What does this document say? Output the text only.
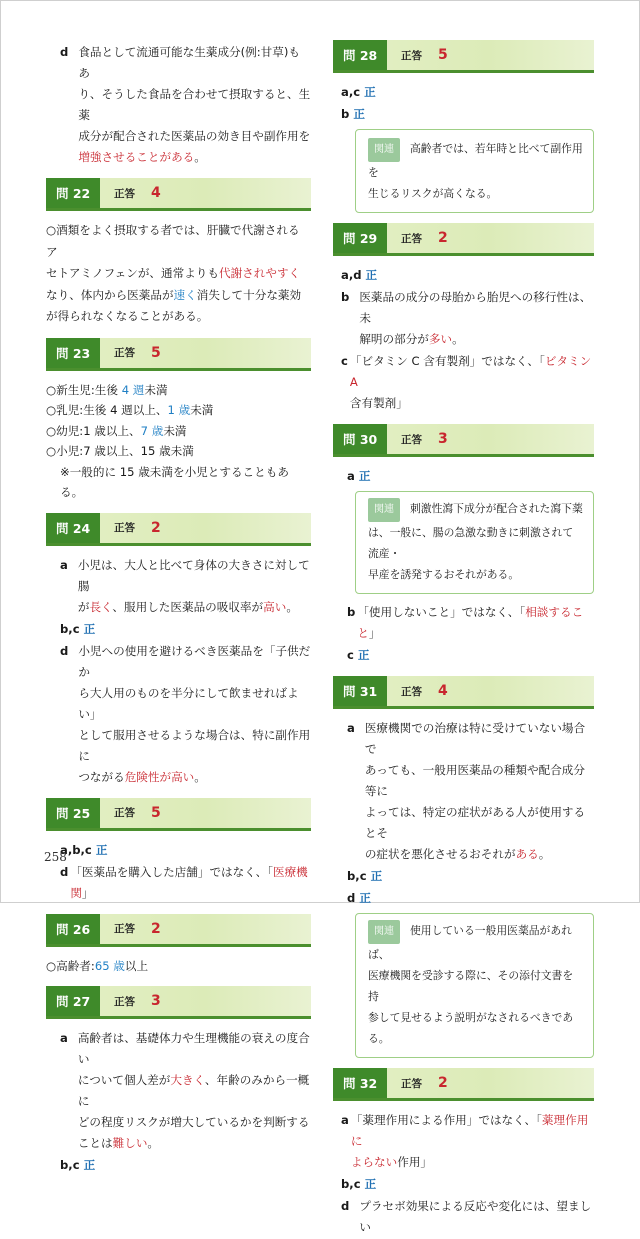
d 食品として流通可能な生薬成分(例:甘草)もあ
り、そうした食品を合わせて摂取すると、生薬
成分が配合された医薬品の効き目や副作用を
増強させることがある。
問 22	正答 4
○酒類をよく摂取する者では、肝臓で代謝されるア
セトアミノフェンが、通常よりも代謝されやすく
なり、体内から医薬品が速く消失して十分な薬効
が得られなくなることがある。
問 23	正答 5
○新生児:生後 4 週未満
○乳児:生後 4 週以上、1 歳未満
○幼児:1 歳以上、7 歳未満
○小児:7 歳以上、15 歳未満
※一般的に 15 歳未満を小児とすることもある。
問 24	正答 2
a 小児は、大人と比べて身体の大きさに対して腸
が長く、服用した医薬品の吸収率が高い。
b,c 正
d 小児への使用を避けるべき医薬品を「子供だか
ら大人用のものを半分にして飲ませればよい」
として服用させるような場合は、特に副作用に
つながる危険性が高い。
問 25	正答 5
a,b,c 正
d 「医薬品を購入した店舗」ではなく、「医療機関」
問 26	正答 2
○高齢者:65 歳以上
問 27	正答 3
a 高齢者は、基礎体力や生理機能の衰えの度合い
について個人差が大きく、年齢のみから一概に
どの程度リスクが増大しているかを判断する
ことは難しい。
b,c 正
問 28	正答 5
a,c 正
b 正
関連 高齢者では、若年時と比べて副作用を
生じるリスクが高くなる。
問 29	正答 2
a,d 正
b 医薬品の成分の母胎から胎児への移行性は、未
解明の部分が多い。
c 「ビタミン C 含有製剤」ではなく、「ビタミン A
含有製剤」
問 30	正答 3
a 正
関連 刺激性瀉下成分が配合された瀉下薬
は、一般に、腸の急激な動きに刺激されて流産・
早産を誘発するおそれがある。
b 「使用しないこと」ではなく、「相談すること」
c 正
問 31	正答 4
a 医療機関での治療は特に受けていない場合で
あっても、一般用医薬品の種類や配合成分等に
よっては、特定の症状がある人が使用するとそ
の症状を悪化させるおそれがある。
b,c 正
d 正
関連 使用している一般用医薬品があれば、
医療機関を受診する際に、その添付文書を持
参して見せるよう説明がなされるべきである。
問 32	正答 2
a 「薬理作用による作用」ではなく、「薬理作用に
よらない作用」
b,c 正
d プラセボ効果による反応や変化には、望ましい
258
